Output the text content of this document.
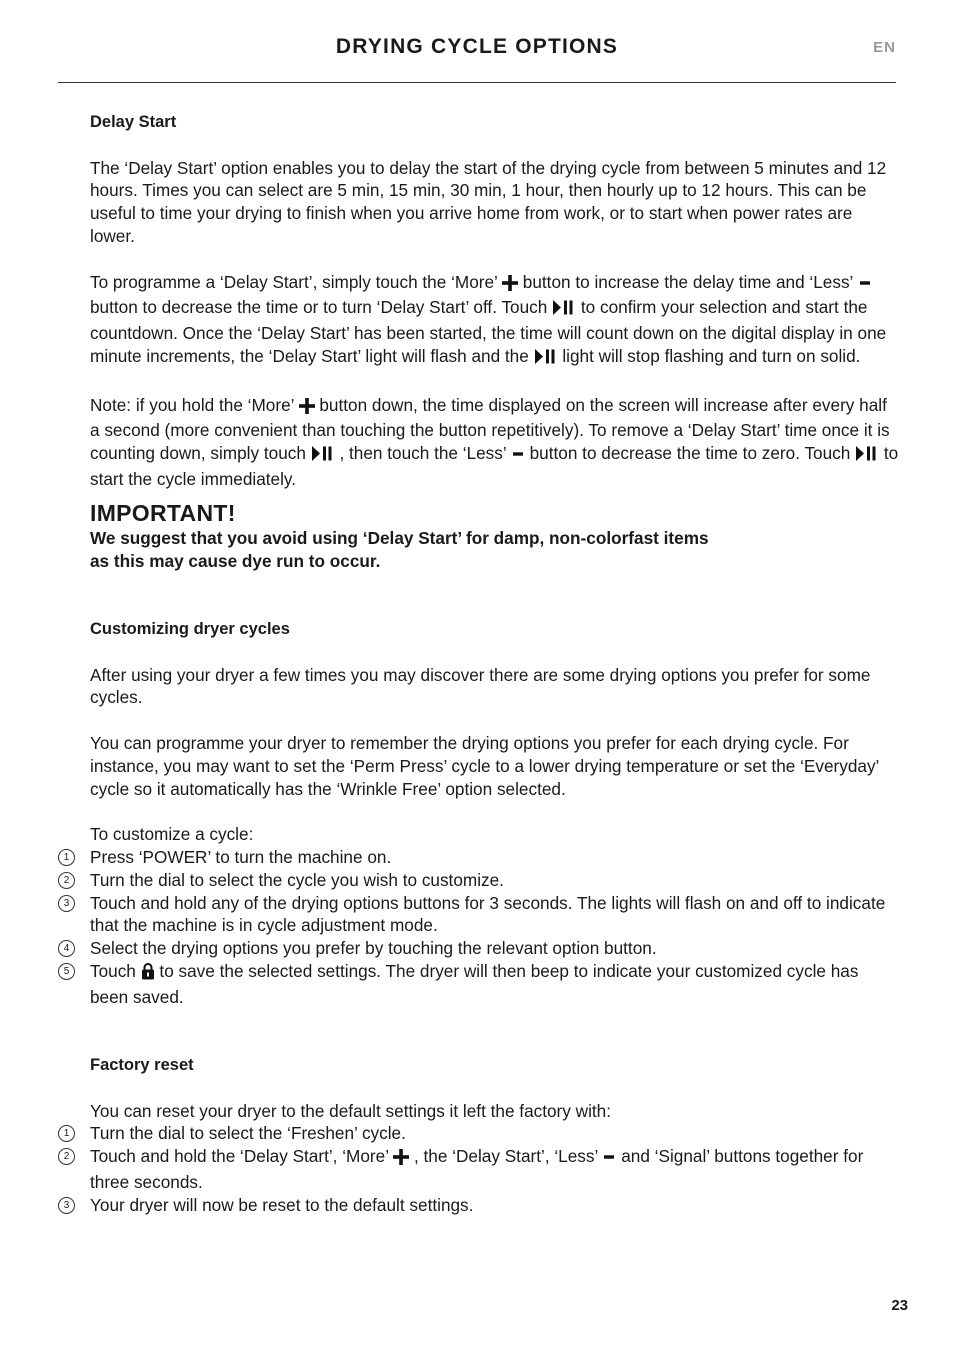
DRYING CYCLE OPTIONS	EN

Delay Start

The ‘Delay Start’ option enables you to delay the start of the drying cycle from between 5 minutes and 12 hours. Times you can select are 5 min, 15 min, 30 min, 1 hour, then hourly up to 12 hours. This can be useful to time your drying to finish when you arrive home from work, or to start when power rates are lower.

To programme a ‘Delay Start’, simply touch the ‘More’  button to increase the delay time and ‘Less’  button to decrease the time or to turn ‘Delay Start’ off. Touch  to confirm your selection and start the countdown. Once the ‘Delay Start’ has been started, the time will count down on the digital display in one minute increments, the ‘Delay Start’ light will flash and the  light will stop flashing and turn on solid.

Note: if you hold the ‘More’  button down, the time displayed on the screen will increase after every half a second (more convenient than touching the button repetitively). To remove a ‘Delay Start’ time once it is counting down, simply touch  , then touch the ‘Less’  button to decrease the time to zero. Touch  to start the cycle immediately.

IMPORTANT!

We suggest that you avoid using ‘Delay Start’ for damp, non-colorfast items

as this may cause dye run to occur.

Customizing dryer cycles

After using your dryer a few times you may discover there are some drying options you prefer for some cycles.

You can programme your dryer to remember the drying options you prefer for each drying cycle. For instance, you may want to set the ‘Perm Press’ cycle to a lower drying temperature or set the ‘Everyday’ cycle so it automatically has the ‘Wrinkle Free’ option selected.

To customize a cycle:

1	Press ‘POWER’ to turn the machine on.
2	Turn the dial to select the cycle you wish to customize.
3	Touch and hold any of the drying options buttons for 3 seconds. The lights will flash on and off to indicate that the machine is in cycle adjustment mode.
4	Select the drying options you prefer by touching the relevant option button.
5	Touch  to save the selected settings. The dryer will then beep to indicate your customized cycle has been saved.

Factory reset

You can reset your dryer to the default settings it left the factory with:

1	Turn the dial to select the ‘Freshen’ cycle.
2	Touch and hold the ‘Delay Start’, ‘More’  , the ‘Delay Start’, ‘Less’  and ‘Signal’ buttons together for three seconds.
3	Your dryer will now be reset to the default settings.
23
